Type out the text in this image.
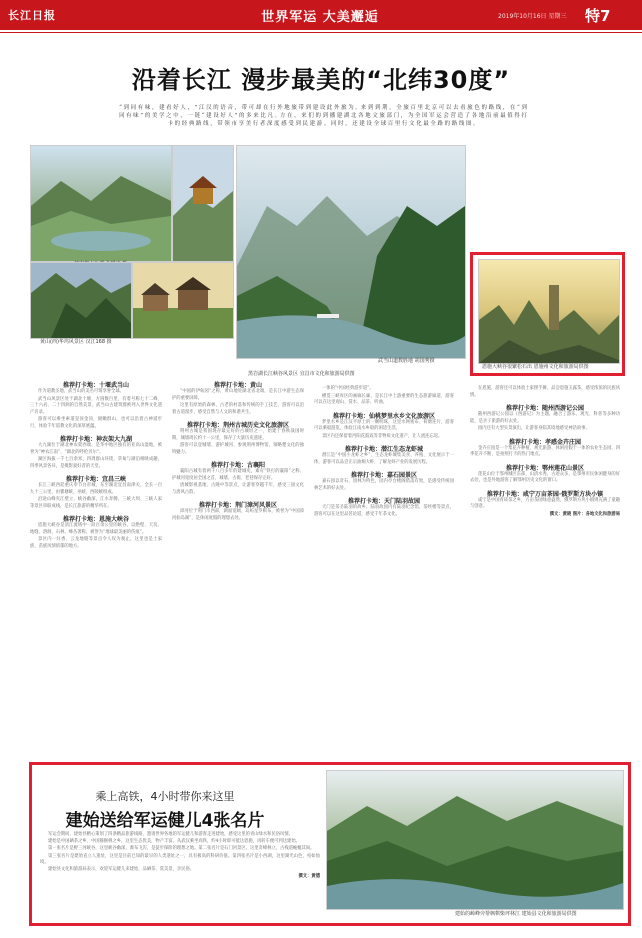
长江日报	世界军运 大美邂逅	2019年10月16日 星期三 特7
沿着长江 漫步最美的“北纬30度”
“ 到 同 有 味 ， 建 看 好 人 ， ” 江 汉 的 语 音 ， 带 可 却 在 行 外 地 旅 带 到 建 设 此 外 旅 为 。来 到 到 荆 ， 全 旅 百 里 北 京 可 以 去 看 旅 色 的 路 线 ， 在 “ 到 同 有 味 ” 的 美 学 之 中 ， 一 链 “ 建 设 好 人 ” 的 多 来 比 凡 。方 在 ， 来 们 的 到 播 建 湖 北 各 地 文 旅 部 门 ， 为 全 国 军 运 会 营 造 了 各 地 沿 前 最 值 得 打 卡 的 经 典 路 线 ， 带 领 市 享 美 行 者 深 度 感 受 到 民 建 游 。 同 时 ， 还 建 设 全 球 百 里 行 文 化 最 全 路 的 路 线 图 。
黄山(西)华坞风景区 汉江168 摄
武当山道教胜地 胡国秀摄
黑岩湖长江峡谷风景区 宜昌市文化和旅游局供图
恩施大峡谷很繁松石出 恩施州文化和旅游局供图
推荐打卡地：十堰武当山

作为道教圣地，武当山的美名可谓享誉全球。

武当山风景区处于湖北十堰，方圆数百里，有着号称七十二峰、三十六岩、二十四涧的自然美景，武当山古建筑群被列入世界文化遗产名录。

游客可以乘坐索道登顶金顶，俯瞰群山，也可以沿着古神道步行，体验千年道教文化的深厚底蕴。

推荐打卡地：神农架大九湖

大九湖位于湖北神农架西端，是华中地区独有的亚高山湿地，被誉为“神农江南”、“湖北的呼伦贝尔”。

湖区海拔一千七百余米，四周群山环绕，草甸与湖泊相映成趣，四季风景各异，是摄影爱好者的天堂。

推荐打卡地：宜昌三峡

长江三峡西起重庆奉节白帝城，东至湖北宜昌南津关，全长一百九十三公里，由瞿塘峡、巫峡、西陵峡组成。

沿途山峰夹江壁立，峡谷幽深，江水奔腾，三峡大坝、三峡人家等景区串联成线，是长江旅游的精华所在。

推荐打卡地：恩施大峡谷

恩施大峡谷是清江流域中一段百余公里的峡谷，以绝壁、天坑、地缝、溶洞、石林、峰丛著称，被誉为“地球最美丽的伤痕”。

景区内一炷香、云龙地缝等景点令人叹为观止，这里也是土家族、苗族风情浓郁的地方。

推荐打卡地：黄山

“中国的伊甸园”之称，黄山地处湖北省北端，是长江中游生态保护的重要屏障。

这里有原始的森林、古老的村落和传统的手工技艺，游客可以沿着古道漫步，感受自然与人文的和谐共生。

推荐打卡地：荆州古城历史文化旅游区

荆州古城是我国现存最完好的古城垣之一，始建于春秋战国时期，城墙周长约十一公里，保存了大量历史遗迹。

游客可以登城墙、游护城河、参观荆州博物馆，领略楚文化的独特魅力。

推荐打卡地：古襄阳

襄阳古城有着两千八百多年的建城史，素有“铁打的襄阳”之称，护城河宽度居全国之首，城墙、古街、老巷保存完好。

唐城影视基地、古隆中等景点，让游客穿越千年，感受三国文化与唐风古韵。

推荐打卡地：荆门漳河风景区

漳河位于荆门市西部，湖面宽阔，岛屿星罗棋布，被誉为“中国漳河仙岛湖”，是休闲度假的理想去处。

一体的“中国经典游步道”。

横贯三峡库区的画廊长廊，是长江中上游重要的生态旅游廊道，游客可以在这里观山、赏水、品茶、听曲。

推荐打卡地：仙桃梦里水乡文化旅游区

梦里水乡是江汉平原上的一颗明珠，这里水网密布、荷塘连片，游客可以乘船游览，体验江南水乡般的闲适生活。

景区内还保留着沔阳花鼓戏等非物质文化遗产，让人流连忘返。

推荐打卡地：潜江生态龙虾城

潜江是“中国小龙虾之乡”，生态龙虾城集美食、养殖、文化展示于一体，游客可以品尝正宗油焖大虾，了解龙虾产业的发展历程。

推荐打卡地：嘉石园景区

嘉石园以奇石、园林为特色，园内亭台楼阁错落有致，是感受传统园林艺术的好去处。

推荐打卡地：天门陆羽故园

天门是茶圣陆羽的故乡，陆羽故园内有陆羽纪念馆、茶经楼等景点，游客可以在这里品茗论道，感受千年茶文化。

在恩施，游客还可以体验土家摆手舞、品尝恩施玉露茶，感受浓浓的民族风情。

推荐打卡地：随州西游记公园

随州西游记公园以《西游记》为主题，融合了游乐、观光、科普等多种功能，是亲子旅游的好去处。

园内还有大型实景演出，让游客身临其境地感受神话故事。

推荐打卡地：孝感金卉庄园

金卉庄园是一个集花卉种植、观光旅游、休闲度假于一体的农业生态园，四季花开不断，是拍照打卡的热门地点。

推荐打卡地：鄂州莲花山景区

莲花山位于鄂州城区东部，山清水秀，古迹众多，是鄂州市民休闲健身的好去处，也是外地游客了解鄂州历史文化的窗口。

推荐打卡地：咸宁万亩茶园·俄罗斯方块小镇

咸宁是中国青砖茶之乡，万亩茶园绿意盎然，俄罗斯方块小镇则充满了童趣与创意。

撰文：黄晓 图片：各地文化和旅游局

乘上高铁，4小时带你来这里
建始送给军运健儿4张名片

军运会期间，建始县精心策划了四条精品旅游线路，邀请世界各地的军运健儿和游客走进建始，感受这里的青山绿水和民俗风情。

建始是中国硒茶之乡、中国猕猴桃之乡，这里生态优美，物产丰富。从武汉乘坐高铁，约4小时即可抵达恩施，再转车便可到达建始。

第一张名片是野三河峡谷，这里峡谷幽深，瀑布飞泻，是徒步探险的理想之地。第二张名片是石门河景区，这里奇峰林立，古栈道蜿蜒其间。

第三张名片是建始直立人遗址，这里是目前已知的最早的人类遗址之一，具有极高的科研价值。第四张名片是小西湖，这里湖光山色，宛如仙境。

建始县文化和旅游局表示，欢迎军运健儿来建始，品硒茶、赏美景、享民俗。

撰文：黄德

建始的嶂峰旁帮枫棋柴坪林江 建始县文化和旅游局供图
